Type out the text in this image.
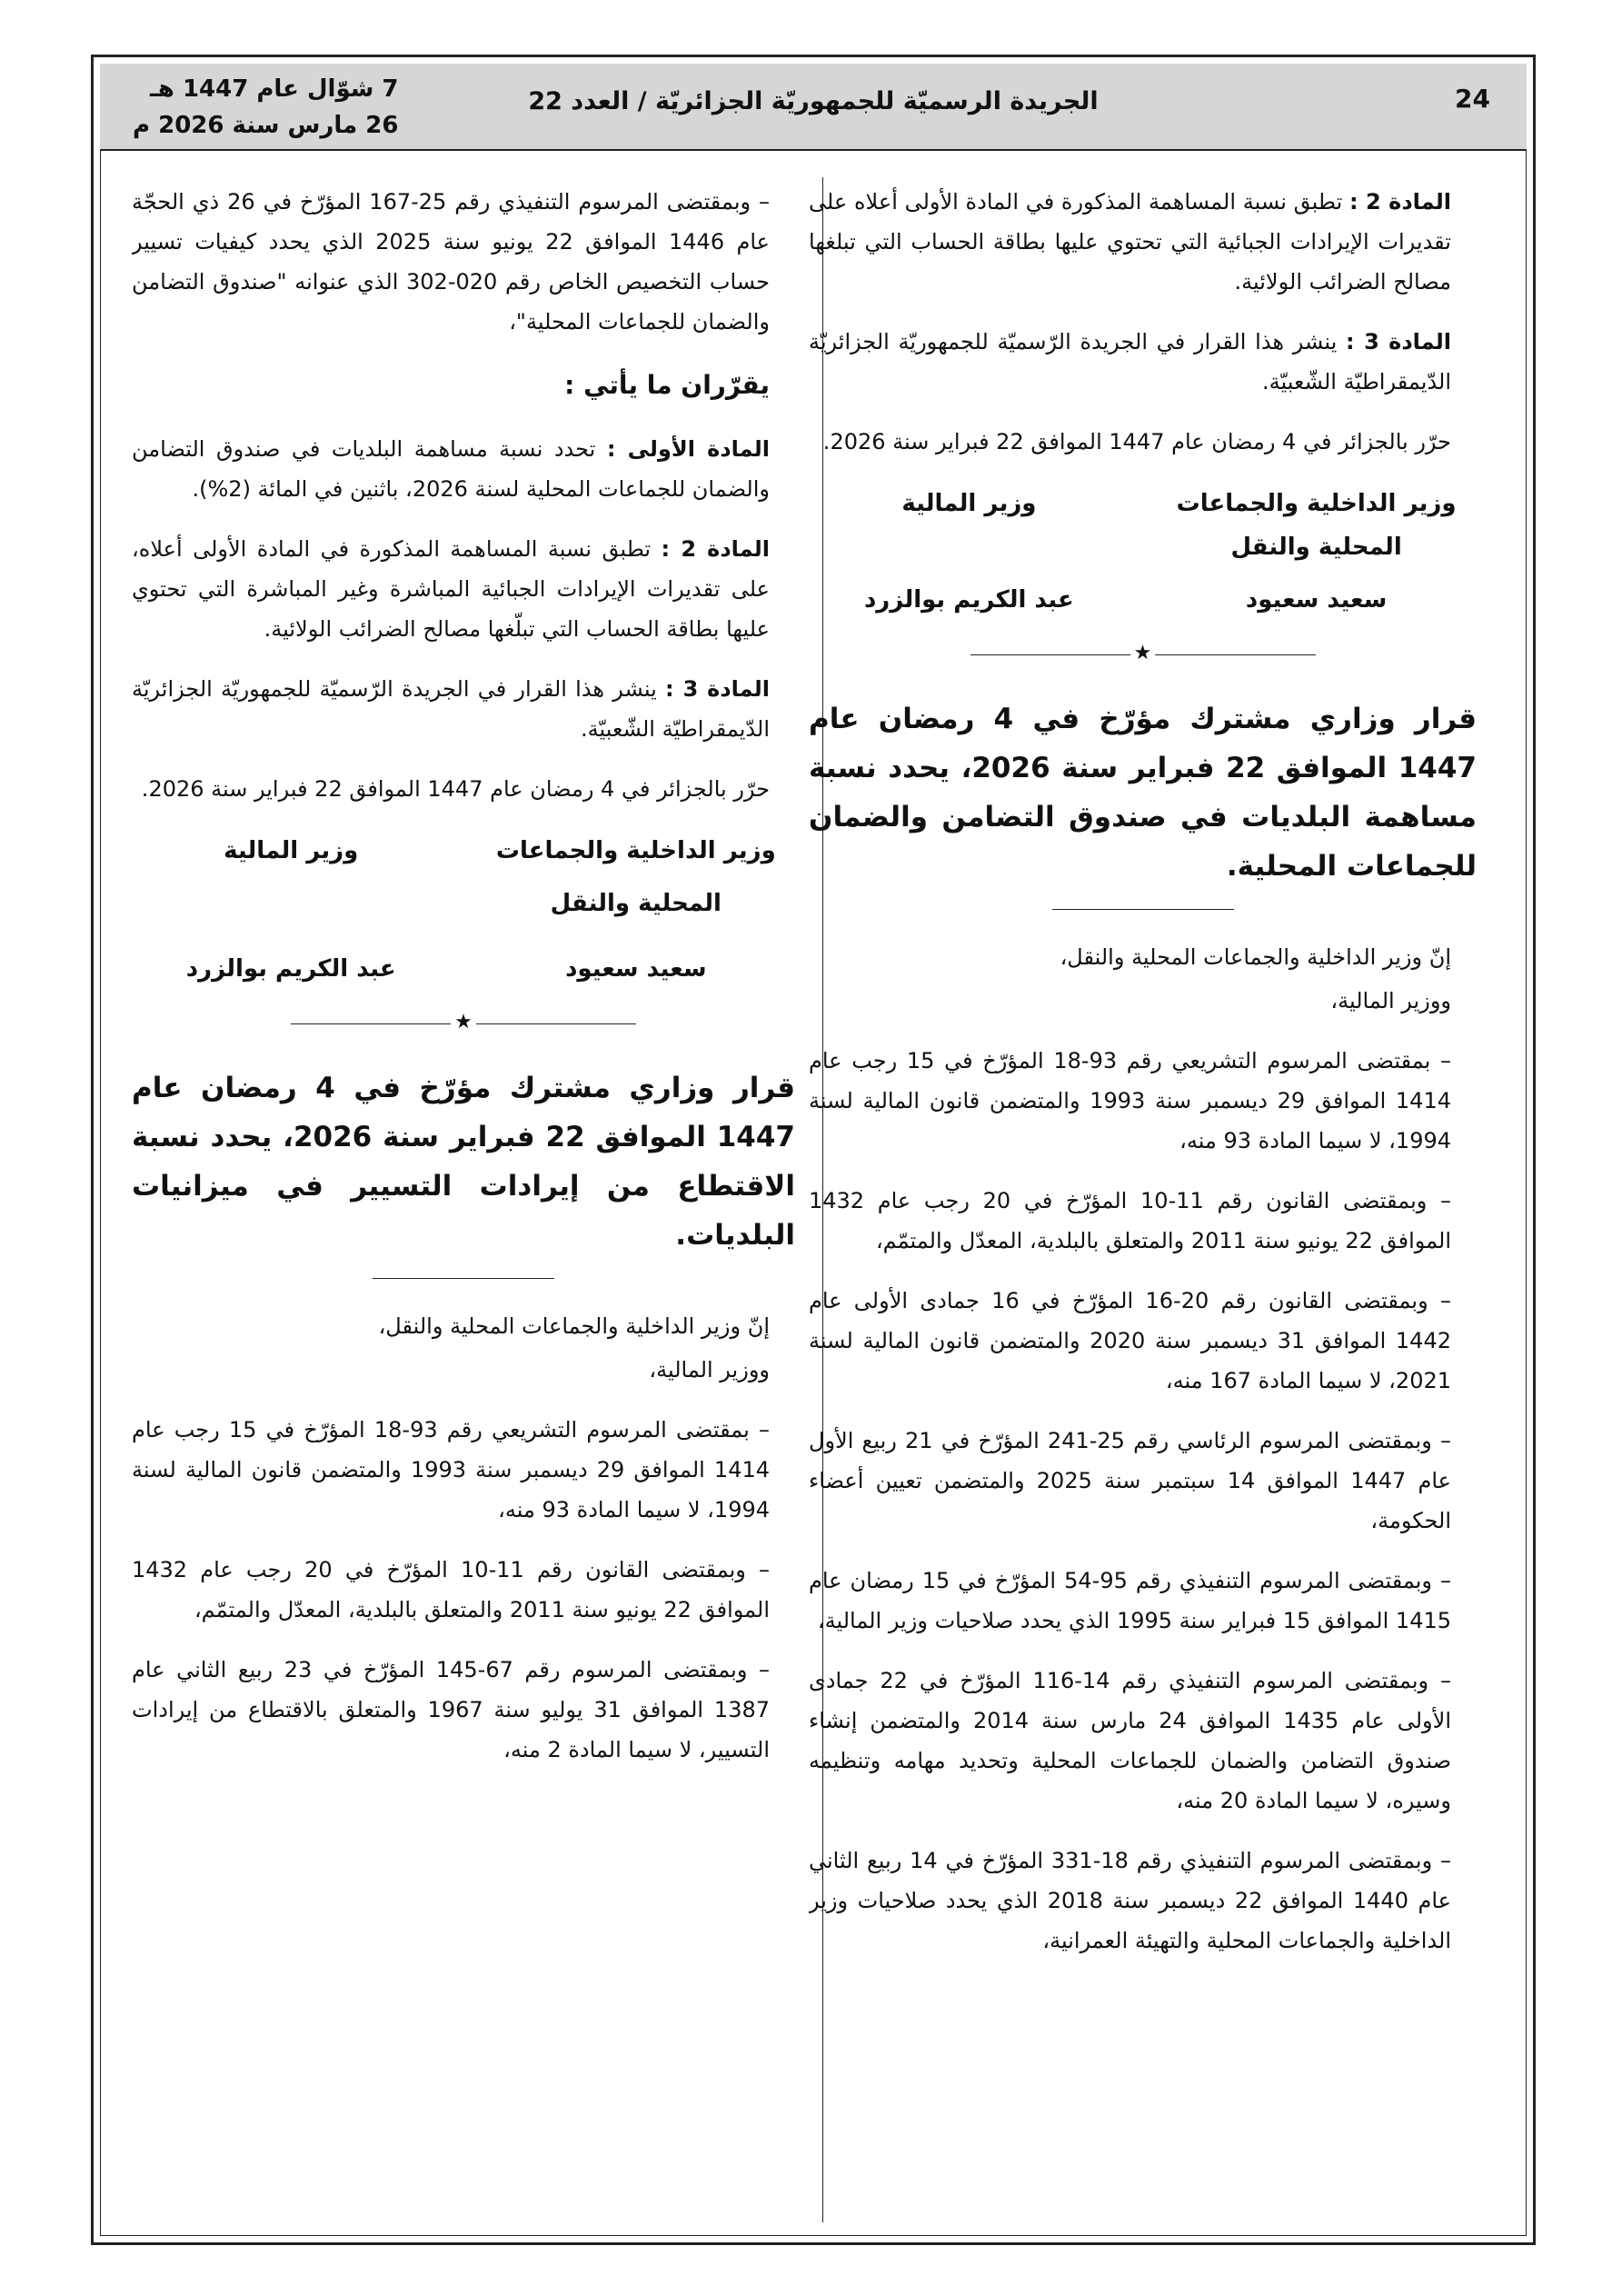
24
الجريدة الرسميّة للجمهوريّة الجزائريّة / العدد 22
7 شوّال عام 1447 هـ
26 مارس سنة 2026 م

المادة 2 : تطبق نسبة المساهمة المذكورة في المادة الأولى أعلاه على تقديرات الإيرادات الجبائية التي تحتوي عليها بطاقة الحساب التي تبلغها مصالح الضرائب الولائية.

المادة 3 : ينشر هذا القرار في الجريدة الرّسميّة للجمهوريّة الجزائريّة الدّيمقراطيّة الشّعبيّة.

حرّر بالجزائر في 4 رمضان عام 1447 الموافق 22 فبراير سنة 2026.

وزير الداخلية والجماعات المحلية والنقل
وزير المالية
سعيد سعيود
عبد الكريم بوالزرد
★
قرار وزاري مشترك مؤرّخ في 4 رمضان عام 1447 الموافق 22 فبراير سنة 2026، يحدد نسبة مساهمة البلديات في صندوق التضامن والضمان للجماعات المحلية.

إنّ وزير الداخلية والجماعات المحلية والنقل،

ووزير المالية،

– بمقتضى المرسوم التشريعي رقم 93-18 المؤرّخ في 15 رجب عام 1414 الموافق 29 ديسمبر سنة 1993 والمتضمن قانون المالية لسنة 1994، لا سيما المادة 93 منه،

– وبمقتضى القانون رقم 11-10 المؤرّخ في 20 رجب عام 1432 الموافق 22 يونيو سنة 2011 والمتعلق بالبلدية، المعدّل والمتمّم،

– وبمقتضى القانون رقم 20-16 المؤرّخ في 16 جمادى الأولى عام 1442 الموافق 31 ديسمبر سنة 2020 والمتضمن قانون المالية لسنة 2021، لا سيما المادة 167 منه،

– وبمقتضى المرسوم الرئاسي رقم 25-241 المؤرّخ في 21 ربيع الأول عام 1447 الموافق 14 سبتمبر سنة 2025 والمتضمن تعيين أعضاء الحكومة،

– وبمقتضى المرسوم التنفيذي رقم 95-54 المؤرّخ في 15 رمضان عام 1415 الموافق 15 فبراير سنة 1995 الذي يحدد صلاحيات وزير المالية،

– وبمقتضى المرسوم التنفيذي رقم 14-116 المؤرّخ في 22 جمادى الأولى عام 1435 الموافق 24 مارس سنة 2014 والمتضمن إنشاء صندوق التضامن والضمان للجماعات المحلية وتحديد مهامه وتنظيمه وسيره، لا سيما المادة 20 منه،

– وبمقتضى المرسوم التنفيذي رقم 18-331 المؤرّخ في 14 ربيع الثاني عام 1440 الموافق 22 ديسمبر سنة 2018 الذي يحدد صلاحيات وزير الداخلية والجماعات المحلية والتهيئة العمرانية،

– وبمقتضى المرسوم التنفيذي رقم 25-167 المؤرّخ في 26 ذي الحجّة عام 1446 الموافق 22 يونيو سنة 2025 الذي يحدد كيفيات تسيير حساب التخصيص الخاص رقم 020-302 الذي عنوانه "صندوق التضامن والضمان للجماعات المحلية"،

يقرّران ما يأتي :

المادة الأولى : تحدد نسبة مساهمة البلديات في صندوق التضامن والضمان للجماعات المحلية لسنة 2026، باثنين في المائة (2%).

المادة 2 : تطبق نسبة المساهمة المذكورة في المادة الأولى أعلاه، على تقديرات الإيرادات الجبائية المباشرة وغير المباشرة التي تحتوي عليها بطاقة الحساب التي تبلّغها مصالح الضرائب الولائية.

المادة 3 : ينشر هذا القرار في الجريدة الرّسميّة للجمهوريّة الجزائريّة الدّيمقراطيّة الشّعبيّة.

حرّر بالجزائر في 4 رمضان عام 1447 الموافق 22 فبراير سنة 2026.

وزير الداخلية والجماعات
وزير المالية
المحلية والنقل
سعيد سعيود
عبد الكريم بوالزرد
★
قرار وزاري مشترك مؤرّخ في 4 رمضان عام 1447 الموافق 22 فبراير سنة 2026، يحدد نسبة الاقتطاع من إيرادات التسيير في ميزانيات البلديات.

إنّ وزير الداخلية والجماعات المحلية والنقل،

ووزير المالية،

– بمقتضى المرسوم التشريعي رقم 93-18 المؤرّخ في 15 رجب عام 1414 الموافق 29 ديسمبر سنة 1993 والمتضمن قانون المالية لسنة 1994، لا سيما المادة 93 منه،

– وبمقتضى القانون رقم 11-10 المؤرّخ في 20 رجب عام 1432 الموافق 22 يونيو سنة 2011 والمتعلق بالبلدية، المعدّل والمتمّم،

– وبمقتضى المرسوم رقم 67-145 المؤرّخ في 23 ربيع الثاني عام 1387 الموافق 31 يوليو سنة 1967 والمتعلق بالاقتطاع من إيرادات التسيير، لا سيما المادة 2 منه،
